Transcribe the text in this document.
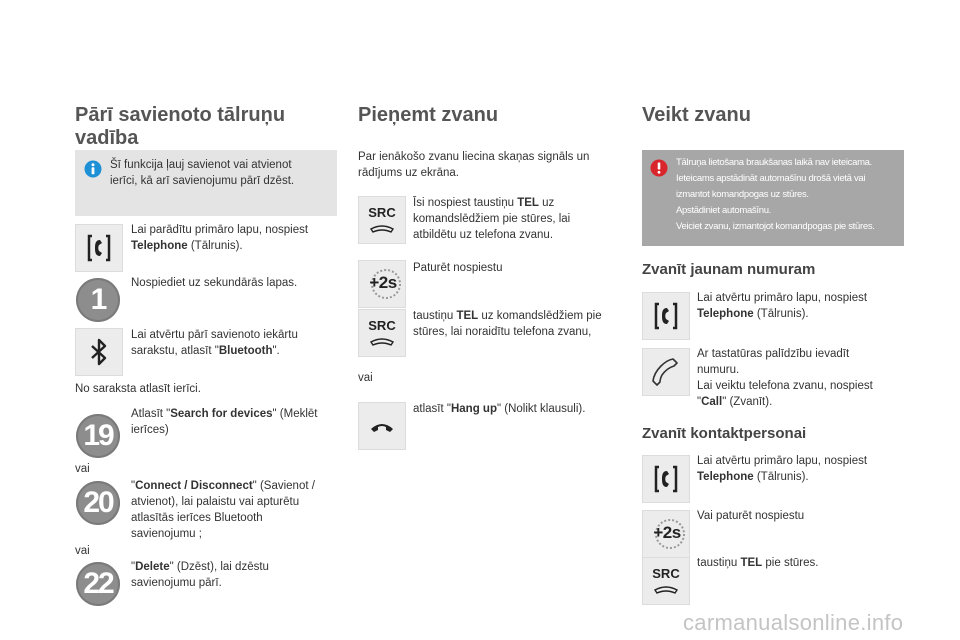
Pārī savienoto tālruņu
vadība
Šī funkcija ļauj savienot vai atvienot
ierīci, kā arī savienojumu pārī dzēst.
Lai parādītu primāro lapu, nospiest
Telephone (Tālrunis).
1	Nospiediet uz sekundārās lapas.
Lai atvērtu pārī savienoto iekārtu
sarakstu, atlasīt "Bluetooth".
No saraksta atlasīt ierīci.
19
Atlasīt "Search for devices" (Meklēt
ierīces)
vai
20	"Connect / Disconnect" (Savienot /
atvienot), lai palaistu vai apturētu
atlasītās ierīces Bluetooth
savienojumu ;
vai
22	"Delete" (Dzēst), lai dzēstu
savienojumu pārī.
Pieņemt zvanu
Par ienākošo zvanu liecina skaņas signāls un
rādījums uz ekrāna.
SRC
Īsi nospiest taustiņu TEL uz
komandslēdžiem pie stūres, lai
atbildētu uz telefona zvanu.
+2s
Paturēt nospiestu
SRC
taustiņu TEL uz komandslēdžiem pie
stūres, lai noraidītu telefona zvanu,
vai
atlasīt "Hang up" (Nolikt klausuli).
Veikt zvanu
Tālruņa lietošana braukšanas laikā nav ieteicama.
Ieteicams apstādināt automašīnu drošā vietā vai
izmantot komandpogas uz stūres.
Apstādiniet automašīnu.
Veiciet zvanu, izmantojot komandpogas pie stūres.
Zvanīt jaunam numuram
Lai atvērtu primāro lapu, nospiest
Telephone (Tālrunis).
Ar tastatūras palīdzību ievadīt
numuru.
Lai veiktu telefona zvanu, nospiest
"Call" (Zvanīt).
Zvanīt kontaktpersonai
Lai atvērtu primāro lapu, nospiest
Telephone (Tālrunis).
+2s
Vai paturēt nospiestu
SRC
taustiņu TEL pie stūres.
carmanualsonline.info
